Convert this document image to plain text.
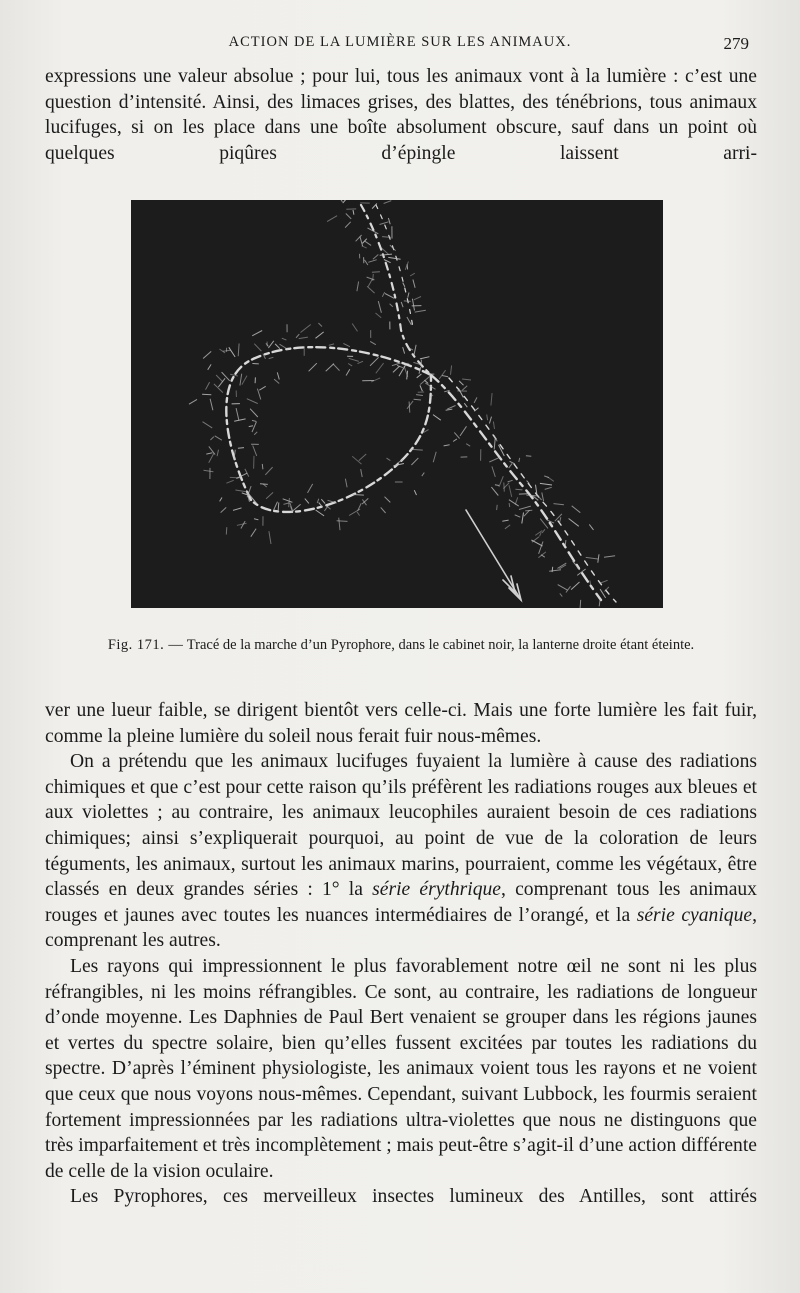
ACTION DE LA LUMIÈRE SUR LES ANIMAUX.	279

expressions une valeur absolue ; pour lui, tous les animaux vont à la lumière : c’est une question d’intensité. Ainsi, des limaces grises, des blattes, des ténébrions, tous animaux lucifuges, si on les place dans une boîte absolument obscure, sauf dans un point où quelques piqûres d’épingle laissent arri-

Fig. 171. — Tracé de la marche d’un Pyrophore, dans le cabinet noir, la lanterne droite étant éteinte.

ver une lueur faible, se dirigent bientôt vers celle-ci. Mais une forte lumière les fait fuir, comme la pleine lumière du soleil nous ferait fuir nous-mêmes.

On a prétendu que les animaux lucifuges fuyaient la lumière à cause des radiations chimiques et que c’est pour cette raison qu’ils préfèrent les radiations rouges aux bleues et aux violettes ; au contraire, les animaux leucophiles auraient besoin de ces radiations chimiques; ainsi s’expliquerait pourquoi, au point de vue de la coloration de leurs téguments, les animaux, surtout les animaux marins, pourraient, comme les végétaux, être classés en deux grandes séries : 1° la série érythrique, comprenant tous les animaux rouges et jaunes avec toutes les nuances intermédiaires de l’orangé, et la série cyanique, comprenant les autres.

Les rayons qui impressionnent le plus favorablement notre œil ne sont ni les plus réfrangibles, ni les moins réfrangibles. Ce sont, au contraire, les radiations de longueur d’onde moyenne. Les Daphnies de Paul Bert venaient se grouper dans les régions jaunes et vertes du spectre solaire, bien qu’elles fussent excitées par toutes les radiations du spectre. D’après l’éminent physiologiste, les animaux voient tous les rayons et ne voient que ceux que nous voyons nous-mêmes. Cependant, suivant Lubbock, les fourmis seraient fortement impressionnées par les radiations ultra-violettes que nous ne distinguons que très imparfaitement et très incomplètement ; mais peut-être s’agit-il d’une action différente de celle de la vision oculaire.

Les Pyrophores, ces merveilleux insectes lumineux des Antilles, sont attirés
